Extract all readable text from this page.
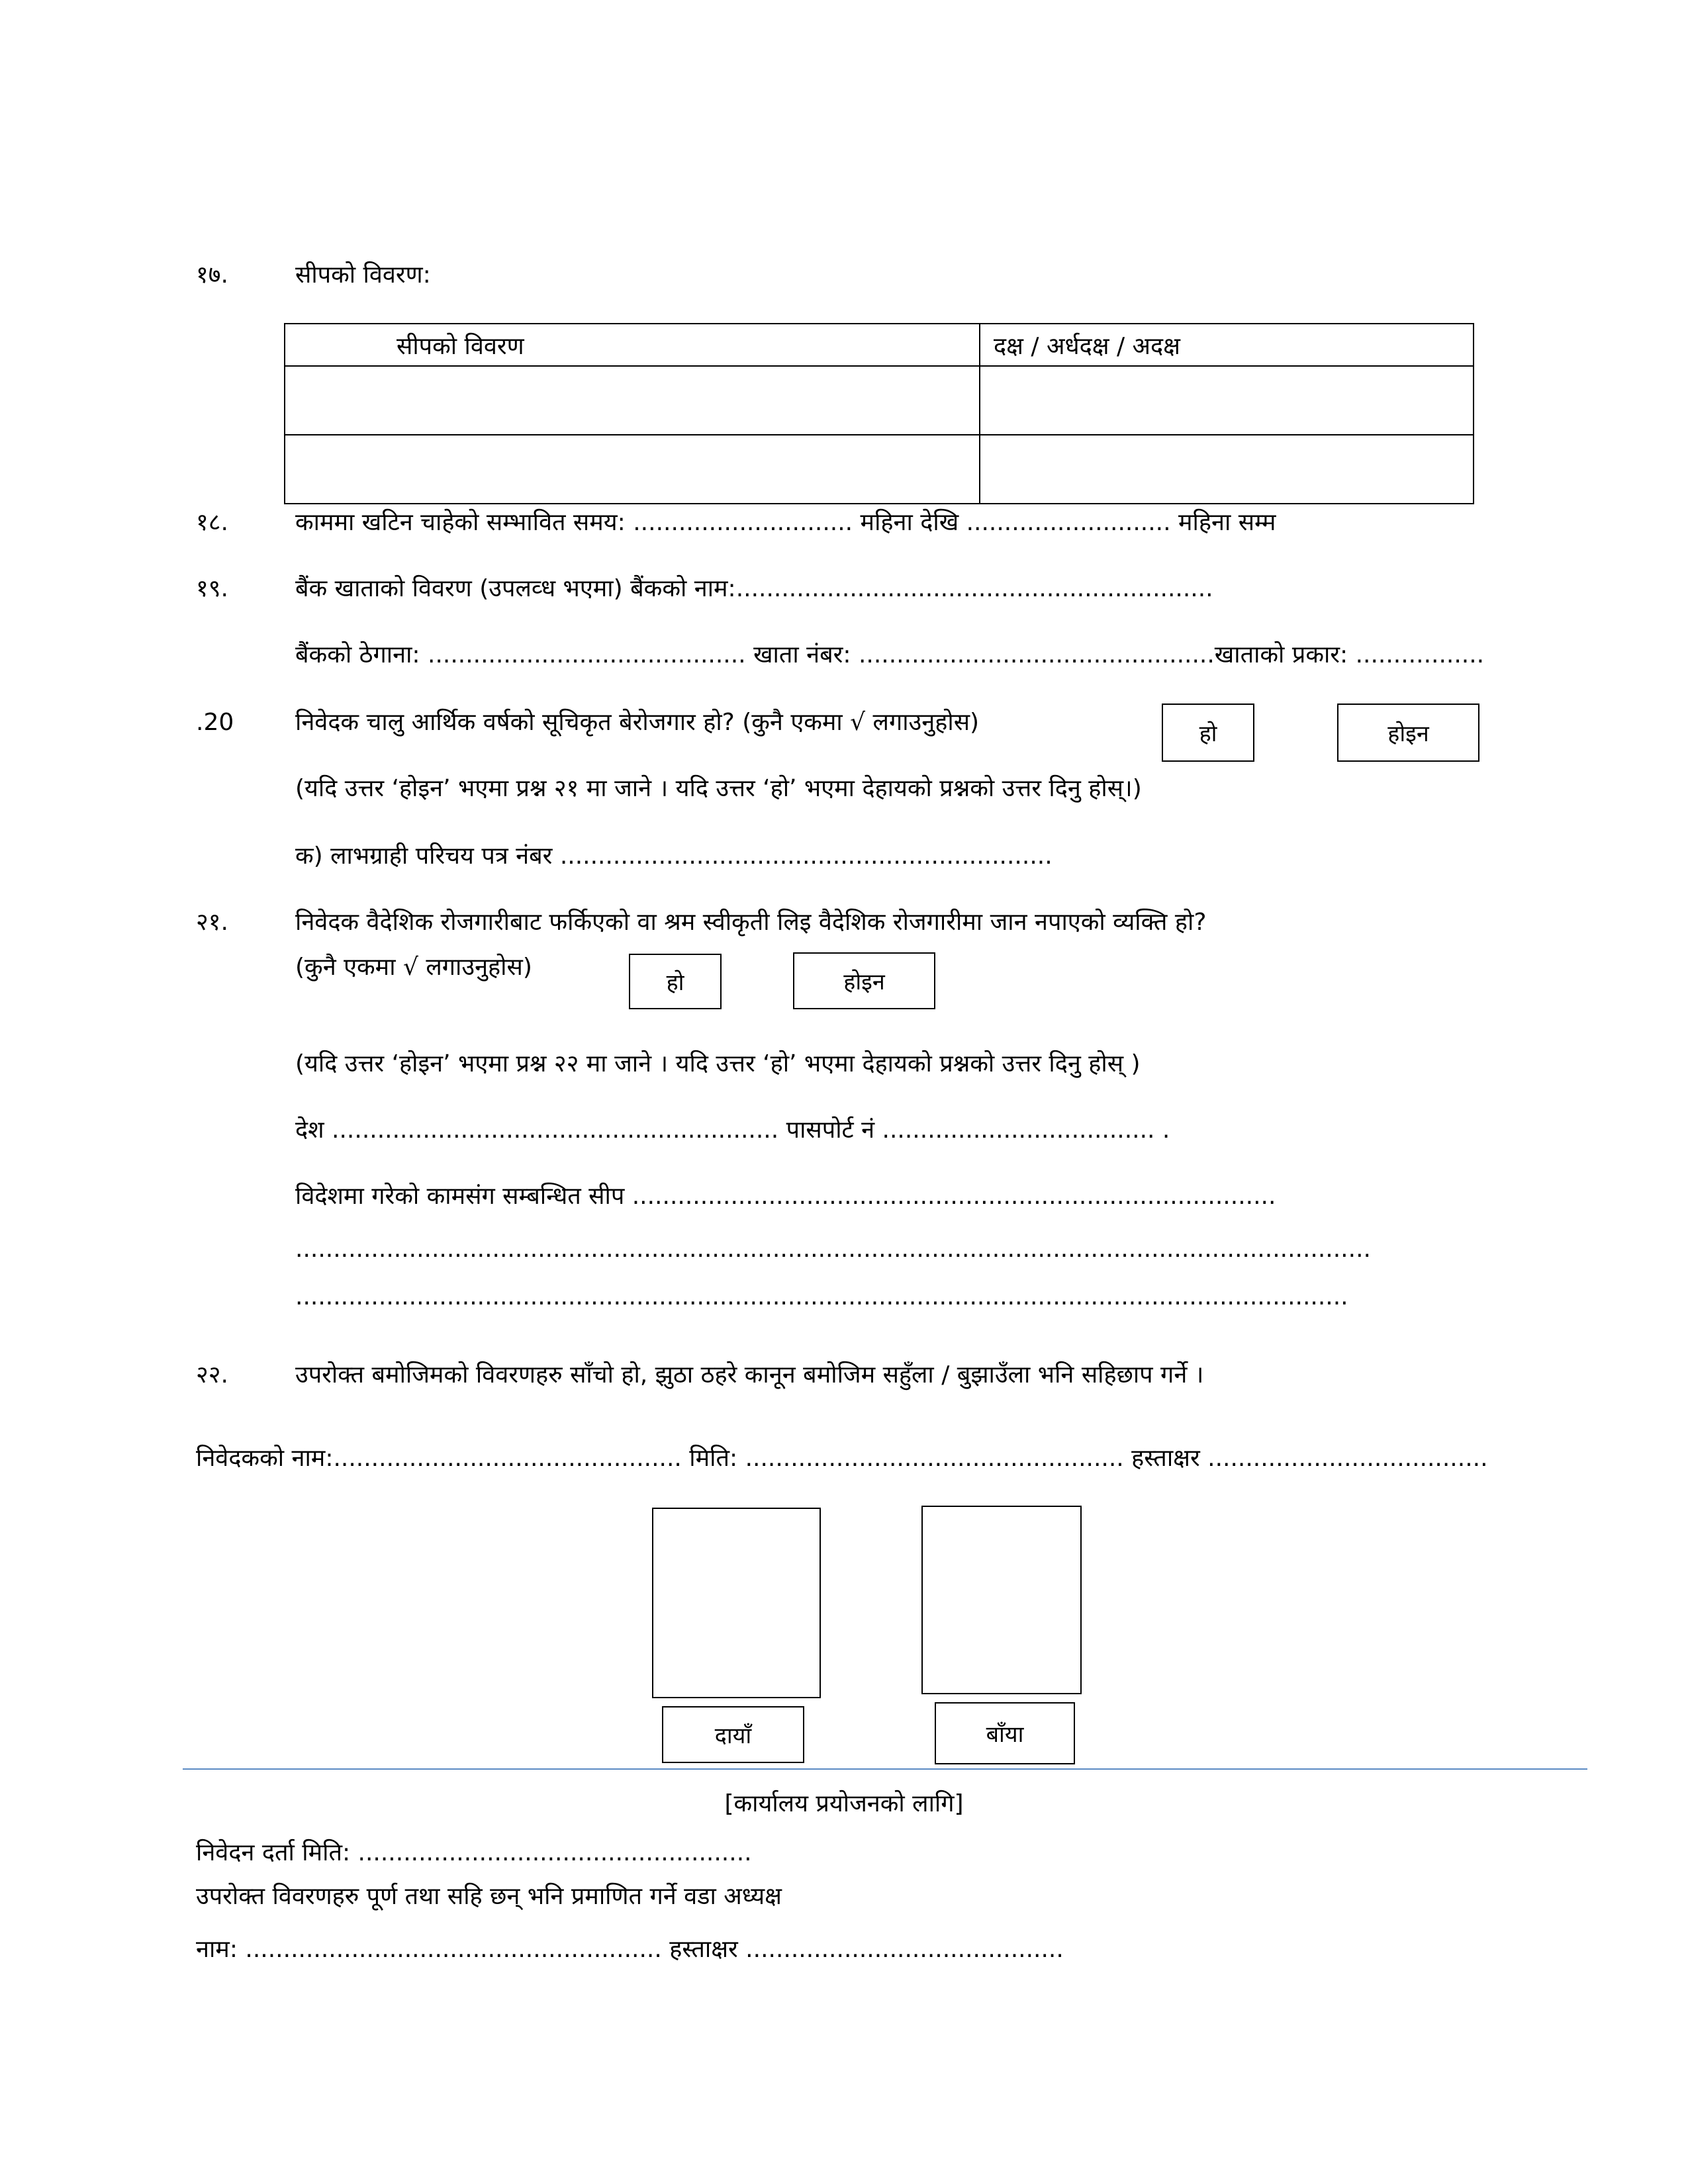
१७.	सीपको विवरण:
सीपको विवरण	दक्ष / अर्धदक्ष / अदक्ष

१८.	काममा खटिन चाहेको सम्भावित समय: ............................. महिना देखि ........................... महिना सम्म
१९.	बैंक खाताको विवरण (उपलव्ध भएमा) बैंकको नाम:...............................................................
बैंकको ठेगाना: .......................................... खाता नंबर: ...............................................खाताको प्रकार: .................
.20	निवेदक चालु आर्थिक वर्षको सूचिकृत बेरोजगार हो? (कुनै एकमा √ लगाउनुहोस)	हो	होइन
(यदि उत्तर ‘होइन’ भएमा प्रश्न २१ मा जाने । यदि उत्तर ‘हो’ भएमा देहायको प्रश्नको उत्तर दिनु होस्।)
क) लाभग्राही परिचय पत्र नंबर .................................................................
२१.	निवेदक वैदेशिक रोजगारीबाट फर्किएको वा श्रम स्वीकृती लिइ वैदेशिक रोजगारीमा जान नपाएको व्यक्ति हो?
(कुनै एकमा √ लगाउनुहोस)
हो	होइन
(यदि उत्तर ‘होइन’ भएमा प्रश्न २२ मा जाने । यदि उत्तर ‘हो’ भएमा देहायको प्रश्नको उत्तर दिनु होस् )
देश ........................................................... पासपोर्ट नं .................................... .
विदेशमा गरेको कामसंग सम्बन्धित सीप .....................................................................................
..............................................................................................................................................
...........................................................................................................................................
२२.	उपरोक्त बमोजिमको विवरणहरु साँचो हो, झुठा ठहरे कानून बमोजिम सहुँला / बुझाउँला भनि सहिछाप गर्ने ।
निवेदकको नाम:.............................................. मिति: .................................................. हस्ताक्षर .....................................
दायाँ	बाँया
[कार्यालय प्रयोजनको लागि]
निवेदन दर्ता मिति: ....................................................
उपरोक्त विवरणहरु पूर्ण तथा सहि छन् भनि प्रमाणित गर्ने वडा अध्यक्ष
नाम: ....................................................... हस्ताक्षर ..........................................
